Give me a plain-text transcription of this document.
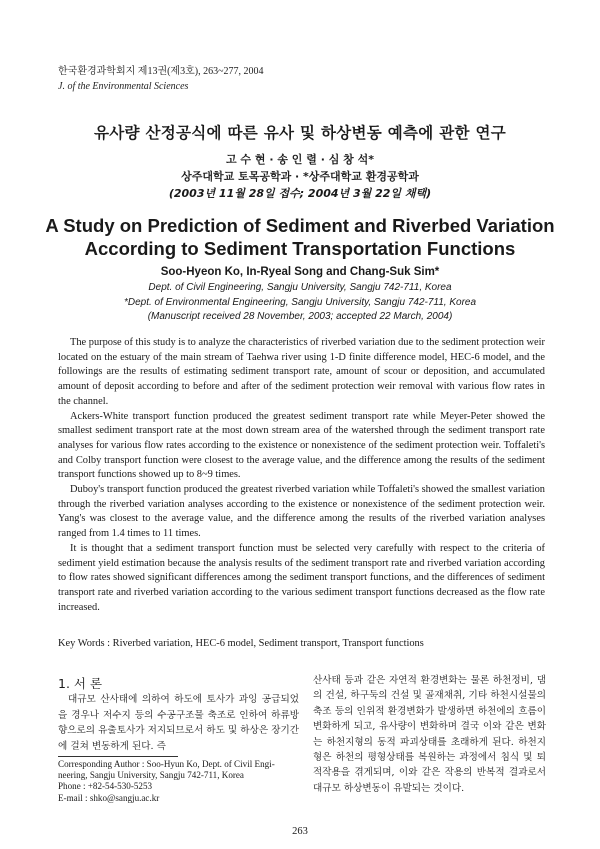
한국환경과학회지 제13권(제3호), 263~277, 2004
J. of the Environmental Sciences
유사량 산정공식에 따른 유사 및 하상변동 예측에 관한 연구
고 수 현 · 송 인 렬 · 심 창 석*
상주대학교 토목공학과 · *상주대학교 환경공학과
(2003년 11월 28일 접수; 2004년 3월 22일 채택)
A Study on Prediction of Sediment and Riverbed Variation
According to Sediment Transportation Functions
Soo-Hyeon Ko, In-Ryeal Song and Chang-Suk Sim*
Dept. of Civil Engineering, Sangju University, Sangju 742-711, Korea
*Dept. of Environmental Engineering, Sangju University, Sangju 742-711, Korea
(Manuscript received 28 November, 2003; accepted 22 March, 2004)

The purpose of this study is to analyze the characteristics of riverbed variation due to the sediment protection weir located on the estuary of the main stream of Taehwa river using 1-D finite difference model, HEC-6 model, and the followings are the results of estimating sediment transport rate, amount of scour or deposition, and accumulated amount of deposit according to before and after of the sediment protection weir removal with various flow rates in the channel.

Ackers-White transport function produced the greatest sediment transport rate while Meyer-Peter showed the smallest sediment transport rate at the most down stream area of the watershed through the sediment transport rate analyses for various flow rates according to the existence or nonexistence of the sediment protection weir. Toffaleti's and Colby transport function were closest to the average value, and the difference among the results of the sediment transport functions showed up to 8~9 times.

Duboy's transport function produced the greatest riverbed variation while Toffaleti's showed the smallest variation through the riverbed variation analyses according to the existence or nonexistence of the sediment protection weir. Yang's was closest to the average value, and the difference among the results of the riverbed variation analyses ranged from 1.4 times to 11 times.

It is thought that a sediment transport function must be selected very carefully with respect to the criteria of sediment yield estimation because the analysis results of the sediment transport rate and riverbed variation according to flow rates showed significant differences among the sediment transport functions, and the differences of sediment transport rate and riverbed variation according to the various sediment transport functions decreased as the flow rate increased.

Key Words : Riverbed variation, HEC-6 model, Sediment transport, Transport functions
1. 서 론

대규모 산사태에 의하여 하도에 토사가 과잉 공급되었을 경우나 저수지 등의 수공구조물 축조로 인하여 하류방향으로의 유출토사가 저지되므로서 하도 및 하상은 장기간에 걸쳐 변동하게 된다. 즉

산사태 등과 같은 자연적 환경변화는 물론 하천정비, 댐의 건설, 하구둑의 건설 및 골재채취, 기타 하천시설물의 축조 등의 인위적 환경변화가 발생하면 하천에의 흐름이 변화하게 되고, 유사량이 변화하며 결국 이와 같은 변화는 하천지형의 동적 파괴상태를 초래하게 된다. 하천지형은 하천의 평형상태를 복원하는 과정에서 침식 및 퇴적작용을 겪게되며, 이와 같은 작용의 반복적 결과로서 대규모 하상변동이 유발되는 것이다.

Corresponding Author : Soo-Hyun Ko, Dept. of Civil Engi-
neering, Sangju University, Sangju 742-711, Korea
Phone : +82-54-530-5253
E-mail : shko@sangju.ac.kr
263
